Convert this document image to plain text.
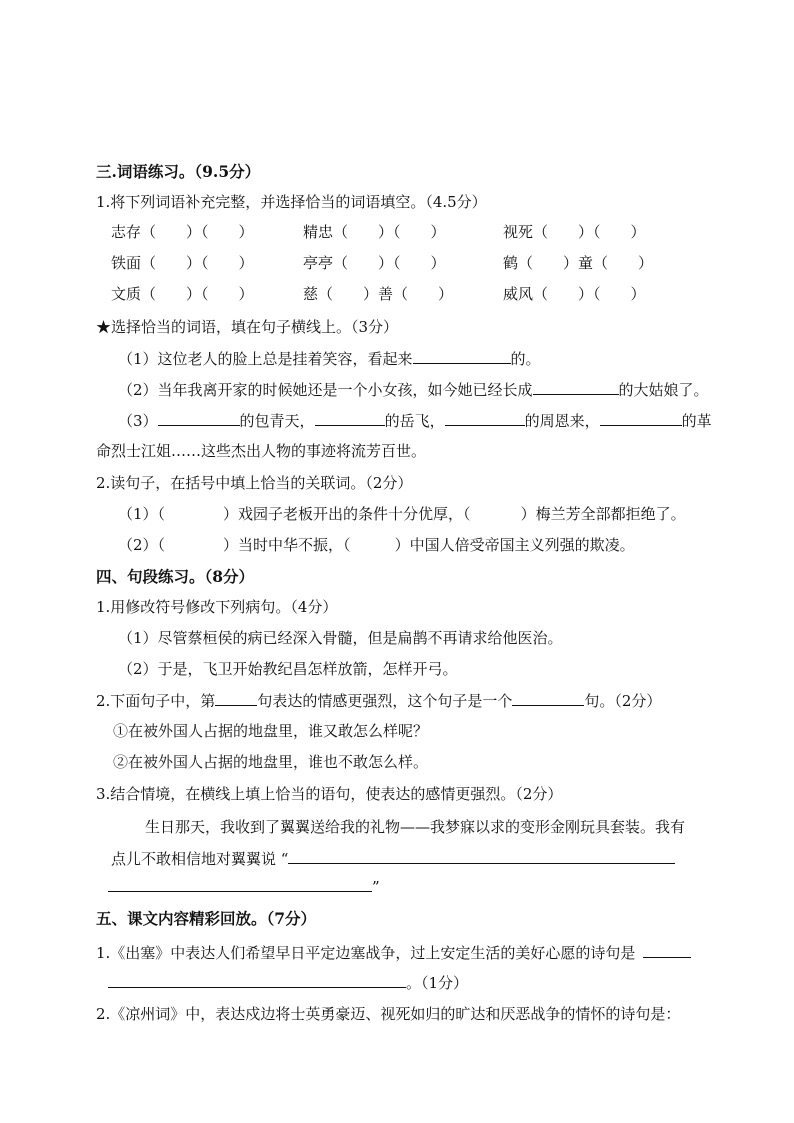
三.词语练习。（9.5分）
1.将下列词语补充完整，并选择恰当的词语填空。（4.5分）
志存（　　）（　　）	精忠（　　）（　　）	视死（　　）（　　）
铁面（　　）（　　）	亭亭（　　）（　　）	鹤（　　）童（　　）
文质（　　）（　　）	慈（　　）善（　　）	威风（　　）（　　）
★选择恰当的词语，填在句子横线上。（3分）
（1）这位老人的脸上总是挂着笑容，看起来	的。
（2）当年我离开家的时候她还是一个小女孩，如今她已经长成	的大姑娘了。
（3）	的包青天，	的岳飞，	的周恩来，	的革
命烈士江姐……这些杰出人物的事迹将流芳百世。
2.读句子，在括号中填上恰当的关联词。（2分）
（1）（	）戏园子老板开出的条件十分优厚，（	）梅兰芳全部都拒绝了。
（2）（	）当时中华不振，（	）中国人倍受帝国主义列强的欺凌。
四、句段练习。（8分）
1.用修改符号修改下列病句。（4分）
（1）尽管蔡桓侯的病已经深入骨髓，但是扁鹊不再请求给他医治。
（2）于是，飞卫开始教纪昌怎样放箭，怎样开弓。
2.下面句子中，第	句表达的情感更强烈，这个句子是一个	句。（2分）
①在被外国人占据的地盘里，谁又敢怎么样呢？
②在被外国人占据的地盘里，谁也不敢怎么样。
3.结合情境，在横线上填上恰当的语句，使表达的感情更强烈。（2分）
生日那天，我收到了翼翼送给我的礼物——我梦寐以求的变形金刚玩具套装。我有
点儿不敢相信地对翼翼说 “
”
五、课文内容精彩回放。（7分）
1.《出塞》中表达人们希望早日平定边塞战争，过上安定生活的美好心愿的诗句是
。（1分）
2.《凉州词》中，表达戍边将士英勇豪迈、视死如归的旷达和厌恶战争的情怀的诗句是：
